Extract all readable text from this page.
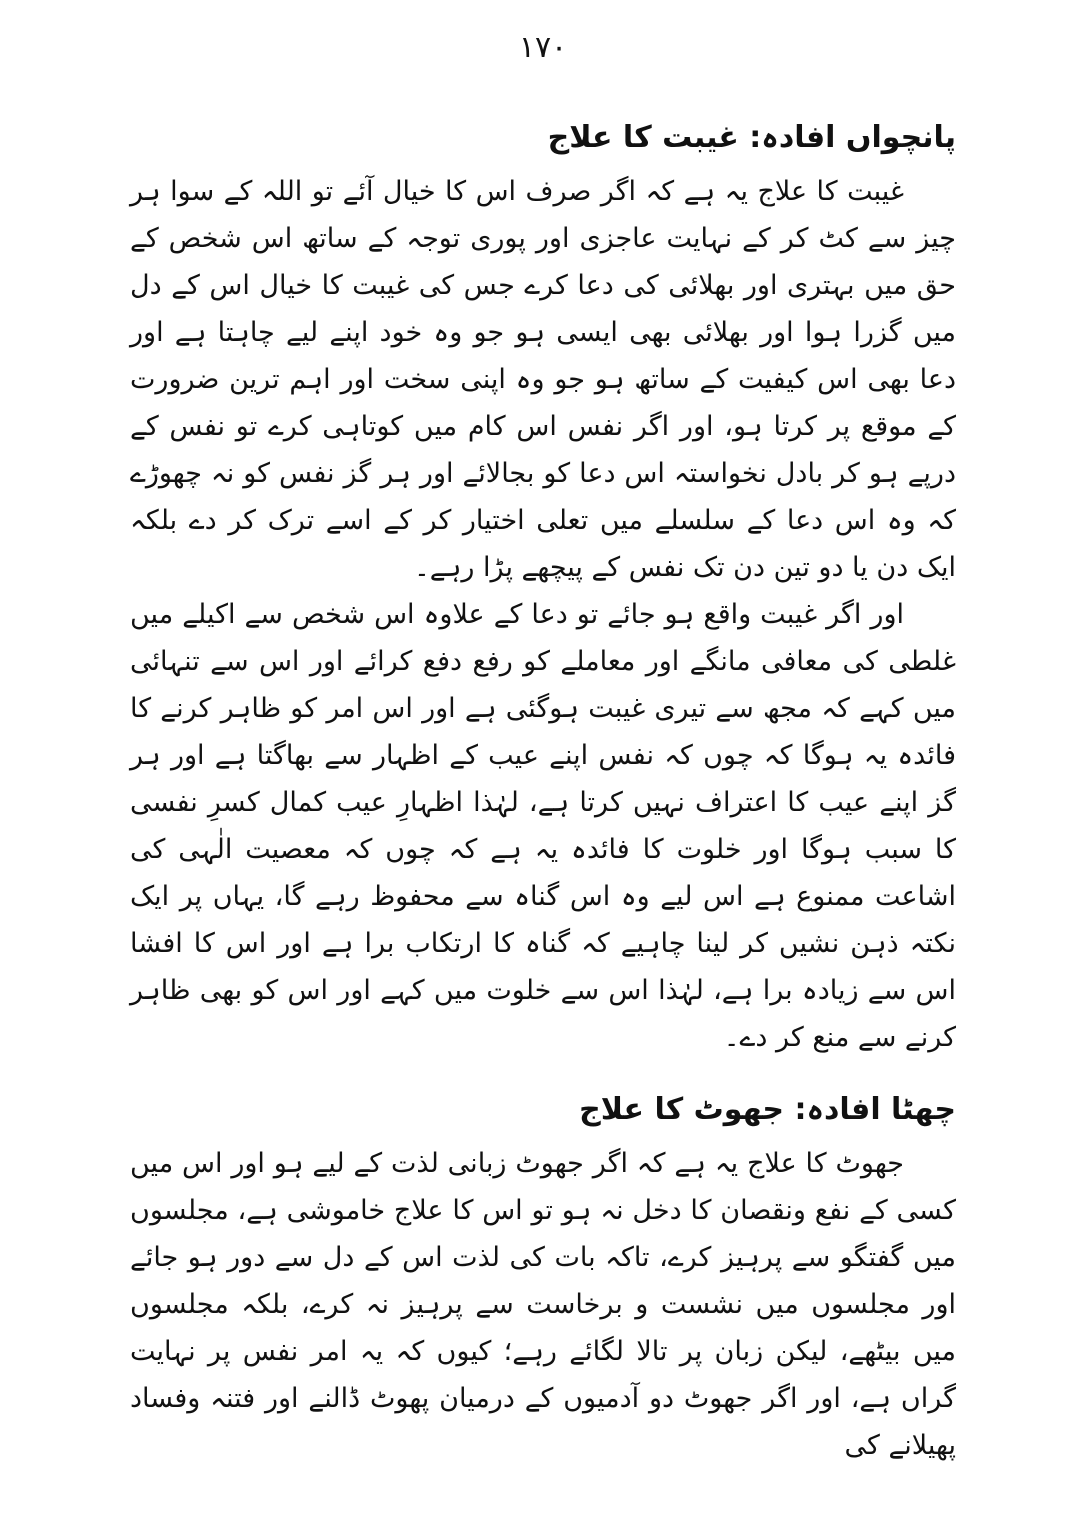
۱۷۰

پانچواں افادہ: غیبت کا علاج

غیبت کا علاج یہ ہے کہ اگر صرف اس کا خیال آئے تو اللہ کے سوا ہر چیز سے کٹ کر کے نہایت عاجزی اور پوری توجہ کے ساتھ اس شخص کے حق میں بہتری اور بھلائی کی دعا کرے جس کی غیبت کا خیال اس کے دل میں گزرا ہوا اور بھلائی بھی ایسی ہو جو وہ خود اپنے لیے چاہتا ہے اور دعا بھی اس کیفیت کے ساتھ ہو جو وہ اپنی سخت اور اہم ترین ضرورت کے موقع پر کرتا ہو، اور اگر نفس اس کام میں کوتاہی کرے تو نفس کے درپے ہو کر بادل نخواستہ اس دعا کو بجالائے اور ہر گز نفس کو نہ چھوڑے کہ وہ اس دعا کے سلسلے میں تعلی اختیار کر کے اسے ترک کر دے بلکہ ایک دن یا دو تین دن تک نفس کے پیچھے پڑا رہے۔

اور اگر غیبت واقع ہو جائے تو دعا کے علاوہ اس شخص سے اکیلے میں غلطی کی معافی مانگے اور معاملے کو رفع دفع کرائے اور اس سے تنہائی میں کہے کہ مجھ سے تیری غیبت ہوگئی ہے اور اس امر کو ظاہر کرنے کا فائدہ یہ ہوگا کہ چوں کہ نفس اپنے عیب کے اظہار سے بھاگتا ہے اور ہر گز اپنے عیب کا اعتراف نہیں کرتا ہے، لہٰذا اظہارِ عیب کمال کسرِ نفسی کا سبب ہوگا اور خلوت کا فائدہ یہ ہے کہ چوں کہ معصیت الٰہی کی اشاعت ممنوع ہے اس لیے وہ اس گناہ سے محفوظ رہے گا، یہاں پر ایک نکتہ ذہن نشیں کر لینا چاہیے کہ گناہ کا ارتکاب برا ہے اور اس کا افشا اس سے زیادہ برا ہے، لہٰذا اس سے خلوت میں کہے اور اس کو بھی ظاہر کرنے سے منع کر دے۔

چھٹا افادہ: جھوٹ کا علاج

جھوٹ کا علاج یہ ہے کہ اگر جھوٹ زبانی لذت کے لیے ہو اور اس میں کسی کے نفع ونقصان کا دخل نہ ہو تو اس کا علاج خاموشی ہے، مجلسوں میں گفتگو سے پرہیز کرے، تاکہ بات کی لذت اس کے دل سے دور ہو جائے اور مجلسوں میں نشست و برخاست سے پرہیز نہ کرے، بلکہ مجلسوں میں بیٹھے، لیکن زبان پر تالا لگائے رہے؛ کیوں کہ یہ امر نفس پر نہایت گراں ہے، اور اگر جھوٹ دو آدمیوں کے درمیان پھوٹ ڈالنے اور فتنہ وفساد پھیلانے کی
